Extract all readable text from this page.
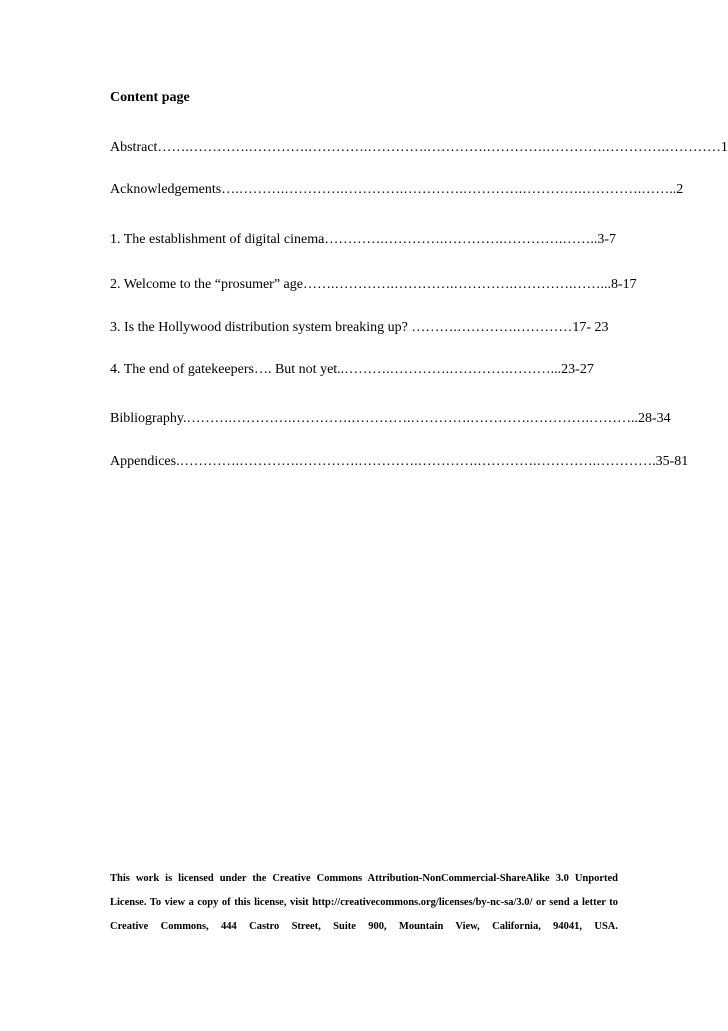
Content page
Abstract…….………….………….………….………….………….………….………….………….…………1
Acknowledgements….……….………….………….………….………….………….………….……..2
1. The establishment of digital cinema………….………….………….………….……..3-7
2. Welcome to the “prosumer” age…….………….………….………….………….……...8-17
3. Is the Hollywood distribution system breaking up? ……….………….…………17- 23
4. The end of gatekeepers…. But not yet..……….………….………….………...23-27
Bibliography.……….………….………….………….………….………….………….………..28-34
Appendices.………….………….………….………….………….………….………….………….35-81

This work is licensed under the Creative Commons Attribution-NonCommercial-ShareAlike 3.0 Unported License. To view a copy of this license, visit http://creativecommons.org/licenses/by-nc-sa/3.0/ or send a letter to Creative Commons, 444 Castro Street, Suite 900, Mountain View, California, 94041, USA.
